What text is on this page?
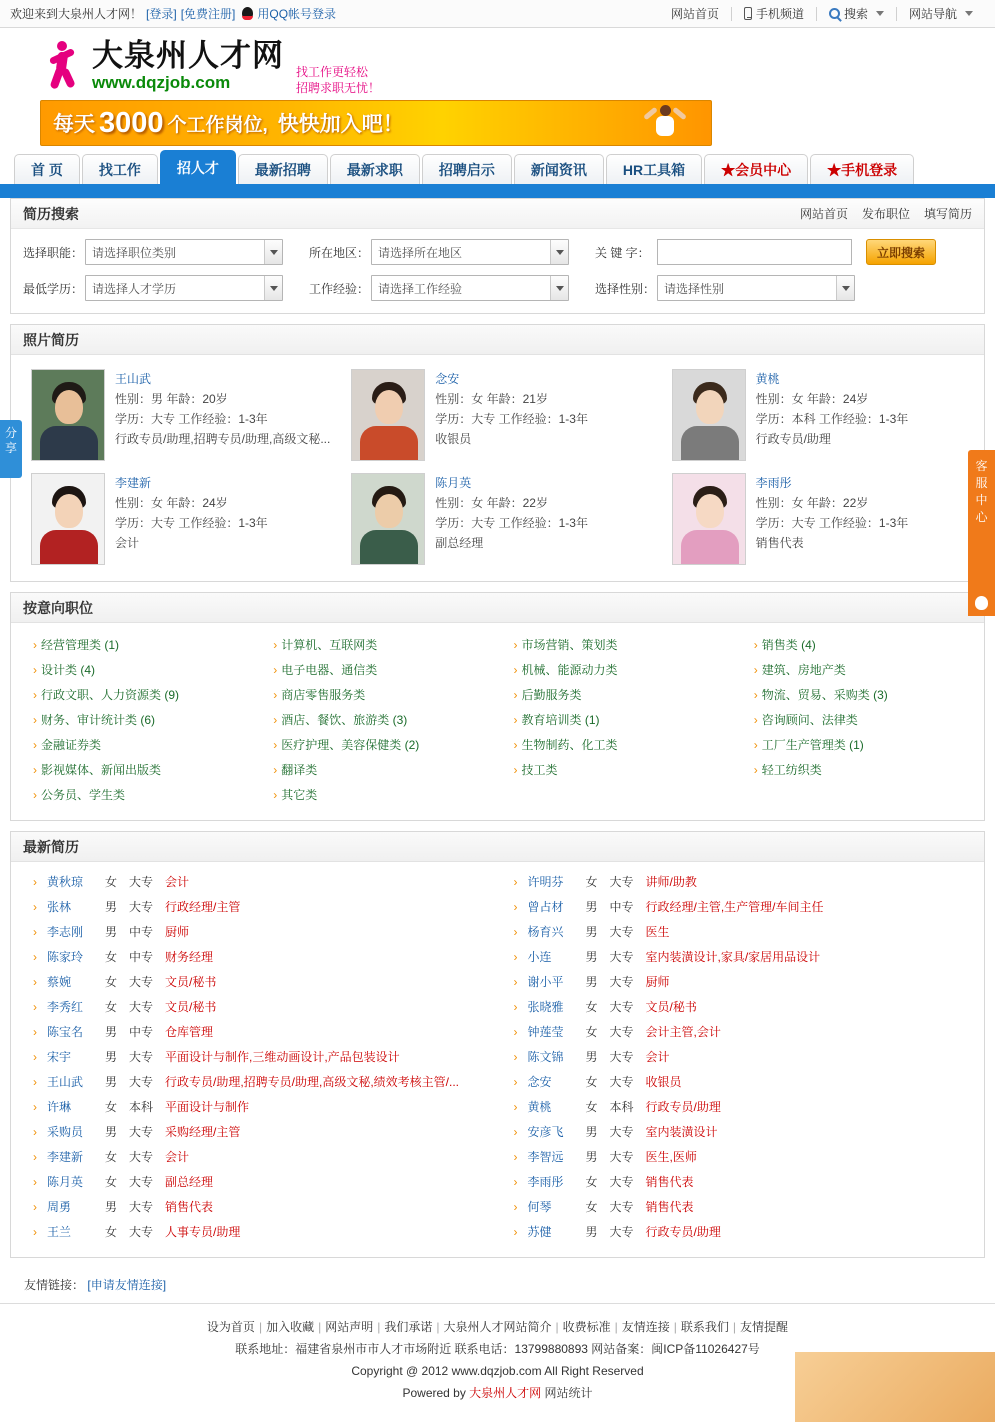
欢迎来到大泉州人才网！ [登录] [免费注册] 用QQ帐号登录	网站首页	手机频道	搜索	网站导航
大泉州人才网
www.dqzjob.com
找工作更轻松
招聘求职无忧！
每天 3000 个工作岗位, 快快加入吧！
首 页	找工作	招人才	最新招聘	最新求职	招聘启示	新闻资讯	HR工具箱	★会员中心	★手机登录
分享
客
服
中
心
简历搜索	网站首页 发布职位 填写简历
选择职能： 请选择职位类别	所在地区： 请选择所在地区	关 键 字：	立即搜索
最低学历： 请选择人才学历	工作经验： 请选择工作经验	选择性别： 请选择性别
照片简历
王山武
性别：男 年龄：20岁
学历：大专 工作经验：1-3年
行政专员/助理,招聘专员/助理,高级文秘...
念安
性别：女 年龄：21岁
学历：大专 工作经验：1-3年
收银员
黄桃
性别：女 年龄：24岁
学历：本科 工作经验：1-3年
行政专员/助理
李建新
性别：女 年龄：24岁
学历：大专 工作经验：1-3年
会计
陈月英
性别：女 年龄：22岁
学历：大专 工作经验：1-3年
副总经理
李雨彤
性别：女 年龄：22岁
学历：大专 工作经验：1-3年
销售代表
按意向职位
› 经营管理类 (1)
› 设计类 (4)
› 行政文职、人力资源类 (9)
› 财务、审计统计类 (6)
› 金融证券类
› 影视媒体、新闻出版类
› 公务员、学生类
› 计算机、互联网类
› 电子电器、通信类
› 商店零售服务类
› 酒店、餐饮、旅游类 (3)
› 医疗护理、美容保健类 (2)
› 翻译类
› 其它类
› 市场营销、策划类
› 机械、能源动力类
› 后勤服务类
› 教育培训类 (1)
› 生物制药、化工类
› 技工类
› 销售类 (4)
› 建筑、房地产类
› 物流、贸易、采购类 (3)
› 咨询顾问、法律类
› 工厂生产管理类 (1)
› 轻工纺织类
最新简历
› 黄秋琼	女 大专 会计
› 张林	男 大专 行政经理/主管
› 李志刚	男 中专 厨师
› 陈家玲	女 中专 财务经理
› 蔡婉	女 大专 文员/秘书
› 李秀红	女 大专 文员/秘书
› 陈宝名	男 中专 仓库管理
› 宋宇	男 大专 平面设计与制作,三维动画设计,产品包装设计
› 王山武	男 大专 行政专员/助理,招聘专员/助理,高级文秘,绩效考核主管/...
› 许琳	女 本科 平面设计与制作
› 采购员	男 大专 采购经理/主管
› 李建新	女 大专 会计
› 陈月英	女 大专 副总经理
› 周勇	男 大专 销售代表
› 王兰	女 大专 人事专员/助理
› 许明芬	女 大专 讲师/助教
› 曾占材	男 中专 行政经理/主管,生产管理/车间主任
› 杨育兴	男 大专 医生
› 小连	男 大专 室内装潢设计,家具/家居用品设计
› 谢小平	男 大专 厨师
› 张晓雅	女 大专 文员/秘书
› 钟莲莹	女 大专 会计主管,会计
› 陈文锦	男 大专 会计
› 念安	女 大专 收银员
› 黄桃	女 本科 行政专员/助理
› 安彦飞	男 大专 室内装潢设计
› 李智远	男 大专 医生,医师
› 李雨彤	女 大专 销售代表
› 何琴	女 大专 销售代表
› 苏健	男 大专 行政专员/助理
友情链接： [申请友情连接]
设为首页 | 加入收藏 | 网站声明 | 我们承诺 | 大泉州人才网站简介 | 收费标准 | 友情连接 | 联系我们 | 友情提醒
联系地址：福建省泉州市市人才市场附近 联系电话：13799880893 网站备案：闽ICP备11026427号
Copyright @ 2012 www.dqzjob.com All Right Reserved
Powered by 大泉州人才网 网站统计
